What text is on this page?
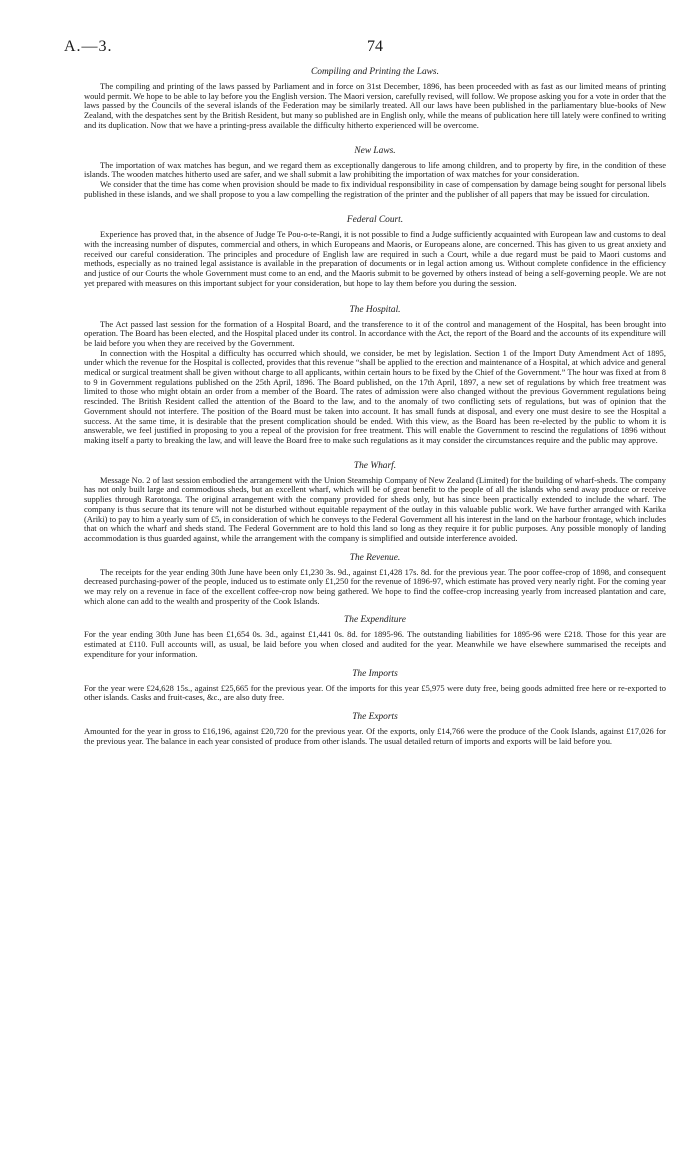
A.—3.	74
Compiling and Printing the Laws.

The compiling and printing of the laws passed by Parliament and in force on 31st December, 1896, has been proceeded with as fast as our limited means of printing would permit. We hope to be able to lay before you the English version. The Maori version, carefully revised, will follow. We propose asking you for a vote in order that the laws passed by the Councils of the several islands of the Federation may be similarly treated. All our laws have been published in the parliamentary blue-books of New Zealand, with the despatches sent by the British Resident, but many so published are in English only, while the means of publication here till lately were confined to writing and its duplication. Now that we have a printing-press available the difficulty hitherto experienced will be overcome.

New Laws.

The importation of wax matches has begun, and we regard them as exceptionally dangerous to life among children, and to property by fire, in the condition of these islands. The wooden matches hitherto used are safer, and we shall submit a law prohibiting the importation of wax matches for your consideration.

We consider that the time has come when provision should be made to fix individual responsibility in case of compensation by damage being sought for personal libels published in these islands, and we shall propose to you a law compelling the registration of the printer and the publisher of all papers that may be issued for circulation.

Federal Court.

Experience has proved that, in the absence of Judge Te Pou-o-te-Rangi, it is not possible to find a Judge sufficiently acquainted with European law and customs to deal with the increasing number of disputes, commercial and others, in which Europeans and Maoris, or Europeans alone, are concerned. This has given to us great anxiety and received our careful consideration. The principles and procedure of English law are required in such a Court, while a due regard must be paid to Maori customs and methods, especially as no trained legal assistance is available in the preparation of documents or in legal action among us. Without complete confidence in the efficiency and justice of our Courts the whole Government must come to an end, and the Maoris submit to be governed by others instead of being a self-governing people. We are not yet prepared with measures on this important subject for your consideration, but hope to lay them before you during the session.

The Hospital.

The Act passed last session for the formation of a Hospital Board, and the transference to it of the control and management of the Hospital, has been brought into operation. The Board has been elected, and the Hospital placed under its control. In accordance with the Act, the report of the Board and the accounts of its expenditure will be laid before you when they are received by the Government.

In connection with the Hospital a difficulty has occurred which should, we consider, be met by legislation. Section 1 of the Import Duty Amendment Act of 1895, under which the revenue for the Hospital is collected, provides that this revenue “shall be applied to the erection and maintenance of a Hospital, at which advice and general medical or surgical treatment shall be given without charge to all applicants, within certain hours to be fixed by the Chief of the Government.” The hour was fixed at from 8 to 9 in Government regulations published on the 25th April, 1896. The Board published, on the 17th April, 1897, a new set of regulations by which free treatment was limited to those who might obtain an order from a member of the Board. The rates of admission were also changed without the previous Government regulations being rescinded. The British Resident called the attention of the Board to the law, and to the anomaly of two conflicting sets of regulations, but was of opinion that the Government should not interfere. The position of the Board must be taken into account. It has small funds at disposal, and every one must desire to see the Hospital a success. At the same time, it is desirable that the present complication should be ended. With this view, as the Board has been re-elected by the public to whom it is answerable, we feel justified in proposing to you a repeal of the provision for free treatment. This will enable the Government to rescind the regulations of 1896 without making itself a party to breaking the law, and will leave the Board free to make such regulations as it may consider the circumstances require and the public may approve.

The Wharf.

Message No. 2 of last session embodied the arrangement with the Union Steamship Company of New Zealand (Limited) for the building of wharf-sheds. The company has not only built large and commodious sheds, but an excellent wharf, which will be of great benefit to the people of all the islands who send away produce or receive supplies through Rarotonga. The original arrangement with the company provided for sheds only, but has since been practically extended to include the wharf. The company is thus secure that its tenure will not be disturbed without equitable repayment of the outlay in this valuable public work. We have further arranged with Karika (Ariki) to pay to him a yearly sum of £5, in consideration of which he conveys to the Federal Government all his interest in the land on the harbour frontage, which includes that on which the wharf and sheds stand. The Federal Government are to hold this land so long as they require it for public purposes. Any possible monoply of landing accommodation is thus guarded against, while the arrangement with the company is simplified and outside interference avoided.

The Revenue.

The receipts for the year ending 30th June have been only £1,230 3s. 9d., against £1,428 17s. 8d. for the previous year. The poor coffee-crop of 1898, and consequent decreased purchasing-power of the people, induced us to estimate only £1,250 for the revenue of 1896-97, which estimate has proved very nearly right. For the coming year we may rely on a revenue in face of the excellent coffee-crop now being gathered. We hope to find the coffee-crop increasing yearly from increased plantation and care, which alone can add to the wealth and prosperity of the Cook Islands.

The Expenditure

For the year ending 30th June has been £1,654 0s. 3d., against £1,441 0s. 8d. for 1895-96. The outstanding liabilities for 1895-96 were £218. Those for this year are estimated at £110. Full accounts will, as usual, be laid before you when closed and audited for the year. Meanwhile we have elsewhere summarised the receipts and expenditure for your information.

The Imports

For the year were £24,628 15s., against £25,665 for the previous year. Of the imports for this year £5,975 were duty free, being goods admitted free here or re-exported to other islands. Casks and fruit-cases, &c., are also duty free.

The Exports

Amounted for the year in gross to £16,196, against £20,720 for the previous year. Of the exports, only £14,766 were the produce of the Cook Islands, against £17,026 for the previous year. The balance in each year consisted of produce from other islands. The usual detailed return of imports and exports will be laid before you.
